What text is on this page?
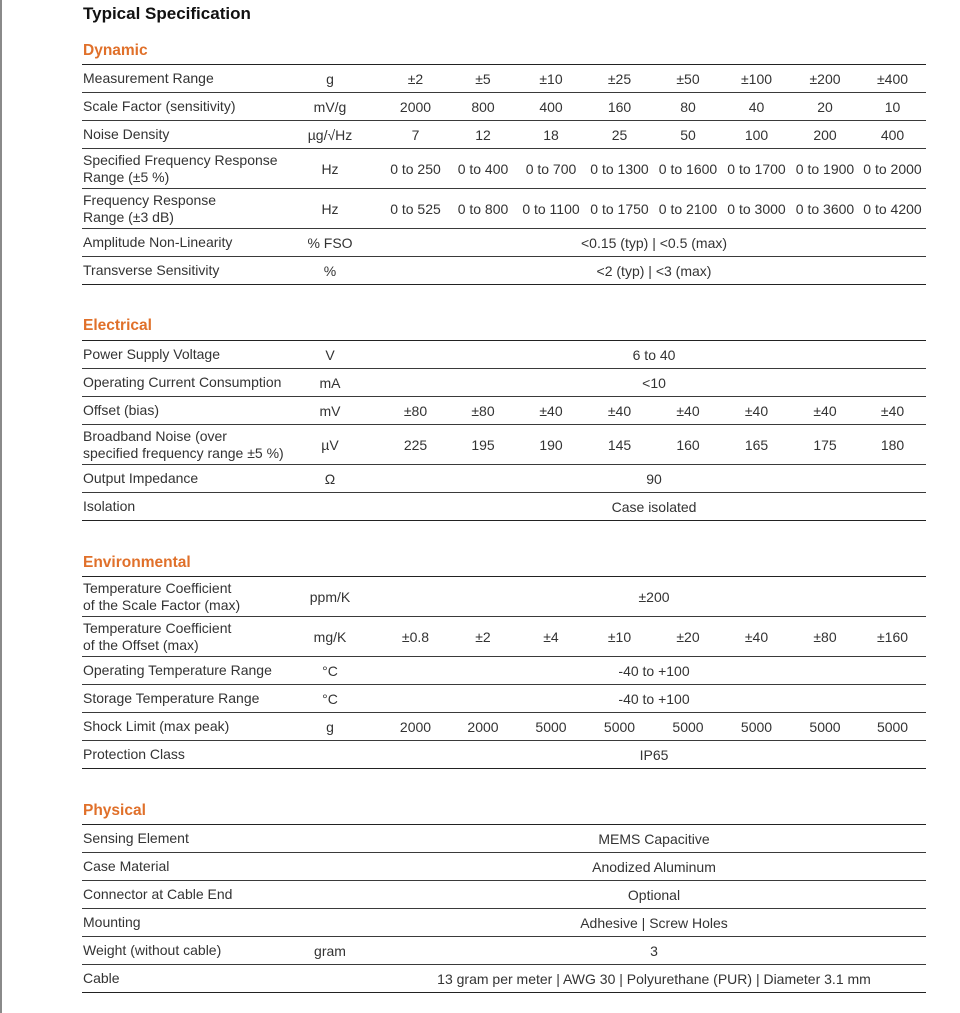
Typical Specification
Dynamic
Measurement Range	g	±2	±5	±10	±25	±50	±100	±200	±400

Scale Factor (sensitivity)	mV/g	2000	800	400	160	80	40	20	10

Noise Density	µg/√Hz	7	12	18	25	50	100	200	400

Specified Frequency Response
Range (±5 %)	Hz	0 to 250	0 to 400	0 to 700	0 to 1300	0 to 1600	0 to 1700	0 to 1900	0 to 2000

Frequency Response
Range (±3 dB)	Hz	0 to 525	0 to 800	0 to 1100	0 to 1750	0 to 2100	0 to 3000	0 to 3600	0 to 4200

Amplitude Non-Linearity	% FSO	<0.15 (typ) | <0.5 (max)							

Transverse Sensitivity	%	<2 (typ) | <3 (max)							
Electrical
Power Supply Voltage	V	6 to 40							

Operating Current Consumption	mA	<10							

Offset (bias)	mV	±80	±80	±40	±40	±40	±40	±40	±40

Broadband Noise (over
specified frequency range ±5 %)	µV	225	195	190	145	160	165	175	180

Output Impedance	Ω	90							

Isolation		Case isolated							
Environmental
Temperature Coefficient
of the Scale Factor (max)	ppm/K	±200							

Temperature Coefficient
of the Offset (max)	mg/K	±0.8	±2	±4	±10	±20	±40	±80	±160

Operating Temperature Range	°C	-40 to +100							

Storage Temperature Range	°C	-40 to +100							

Shock Limit (max peak)	g	2000	2000	5000	5000	5000	5000	5000	5000

Protection Class		IP65							
Physical
Sensing Element		MEMS Capacitive

Case Material		Anodized Aluminum

Connector at Cable End		Optional

Mounting		Adhesive | Screw Holes

Weight (without cable)	gram	3

Cable		13 gram per meter | AWG 30 | Polyurethane (PUR) | Diameter 3.1 mm
